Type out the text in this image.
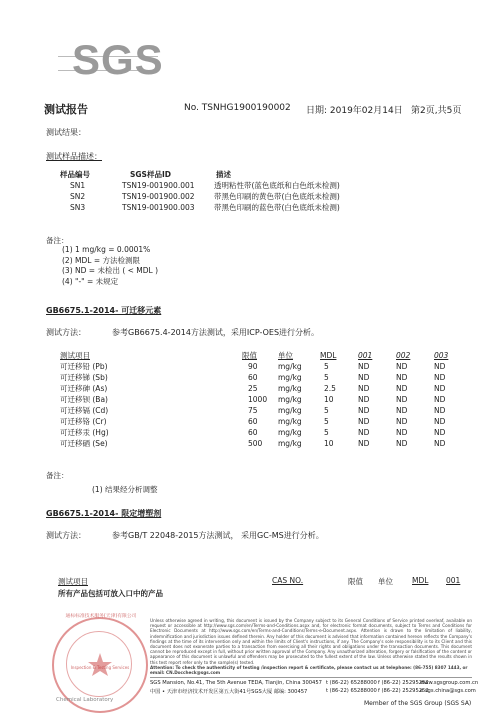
SGS
测试报告	No. TSNHG1900190002 日期: 2019年02月14日 第2页,共5页
测试结果：
测试样品描述：
样品编号	SGS样品ID	描述
SN1	TSN19-001900.001	透明粘性带(蓝色底纸和白色纸未检测)
SN2	TSN19-001900.002	带黑色印刷的黄色带(白色底纸未检测)
SN3	TSN19-001900.003	带黑色印刷的蓝色带(白色底纸未检测)
备注：
(1) 1 mg/kg = 0.0001%
(2) MDL = 方法检测限
(3) ND = 未检出 ( < MDL )
(4) "-" = 未规定
GB6675.1-2014- 可迁移元素
测试方法：	参考GB6675.4-2014方法测试，采用ICP-OES进行分析。
测试项目	限值	单位	MDL	001	002	003
可迁移铅 (Pb)	90	mg/kg	5	ND	ND	ND
可迁移锑 (Sb)	60	mg/kg	5	ND	ND	ND
可迁移砷 (As)	25	mg/kg	2.5	ND	ND	ND
可迁移钡 (Ba)	1000	mg/kg	10	ND	ND	ND
可迁移镉 (Cd)	75	mg/kg	5	ND	ND	ND
可迁移铬 (Cr)	60	mg/kg	5	ND	ND	ND
可迁移汞 (Hg)	60	mg/kg	5	ND	ND	ND
可迁移硒 (Se)	500	mg/kg	10	ND	ND	ND
备注：
(1) 结果经分析调整
GB6675.1-2014- 限定增塑剂
测试方法：	参考GB/T 22048-2015方法测试， 采用GC-MS进行分析。
测试项目	CAS NO.	限值 单位	MDL 001
所有产品包括可放入口中的产品
通标标准技术服务(天津)有限公司
Inspection & Testing Services
Chemical Laboratory
Unless otherwise agreed in writing, this document is issued by the Company subject to its General Conditions of Service printed overleaf, available on request or accessible at http://www.sgs.com/en/Terms-and-Conditions.aspx and, for electronic format documents, subject to Terms and Conditions for Electronic Documents at http://www.sgs.com/en/Terms-and-Conditions/Terms-e-Document.aspx. Attention is drawn to the limitation of liability, indemnification and jurisdiction issues defined therein. Any holder of this document is advised that information contained hereon reflects the Company's findings at the time of its intervention only and within the limits of Client's instructions, if any. The Company's sole responsibility is to its Client and this document does not exonerate parties to a transaction from exercising all their rights and obligations under the transaction documents. This document cannot be reproduced except in full, without prior written approval of the Company. Any unauthorized alteration, forgery or falsification of the content or appearance of this document is unlawful and offenders may be prosecuted to the fullest extent of the law. Unless otherwise stated the results shown in this test report refer only to the sample(s) tested.
Attention: To check the authenticity of testing /inspection report & certificate, please contact us at telephone: (86-755) 8307 1443, or email: CN.Doccheck@sgs.com
SGS Mansion, No.41, The 5th Avenue TEDA, Tianjin, China 300457
中国 • 天津市经济技术开发区第五大街41号SGS大厦 邮编: 300457
t (86-22) 65288000
t (86-22) 65288000
f (86-22) 25295252
f (86-22) 25295252
www.sgsgroup.com.cn
e sgs.china@sgs.com
Member of the SGS Group (SGS SA)
